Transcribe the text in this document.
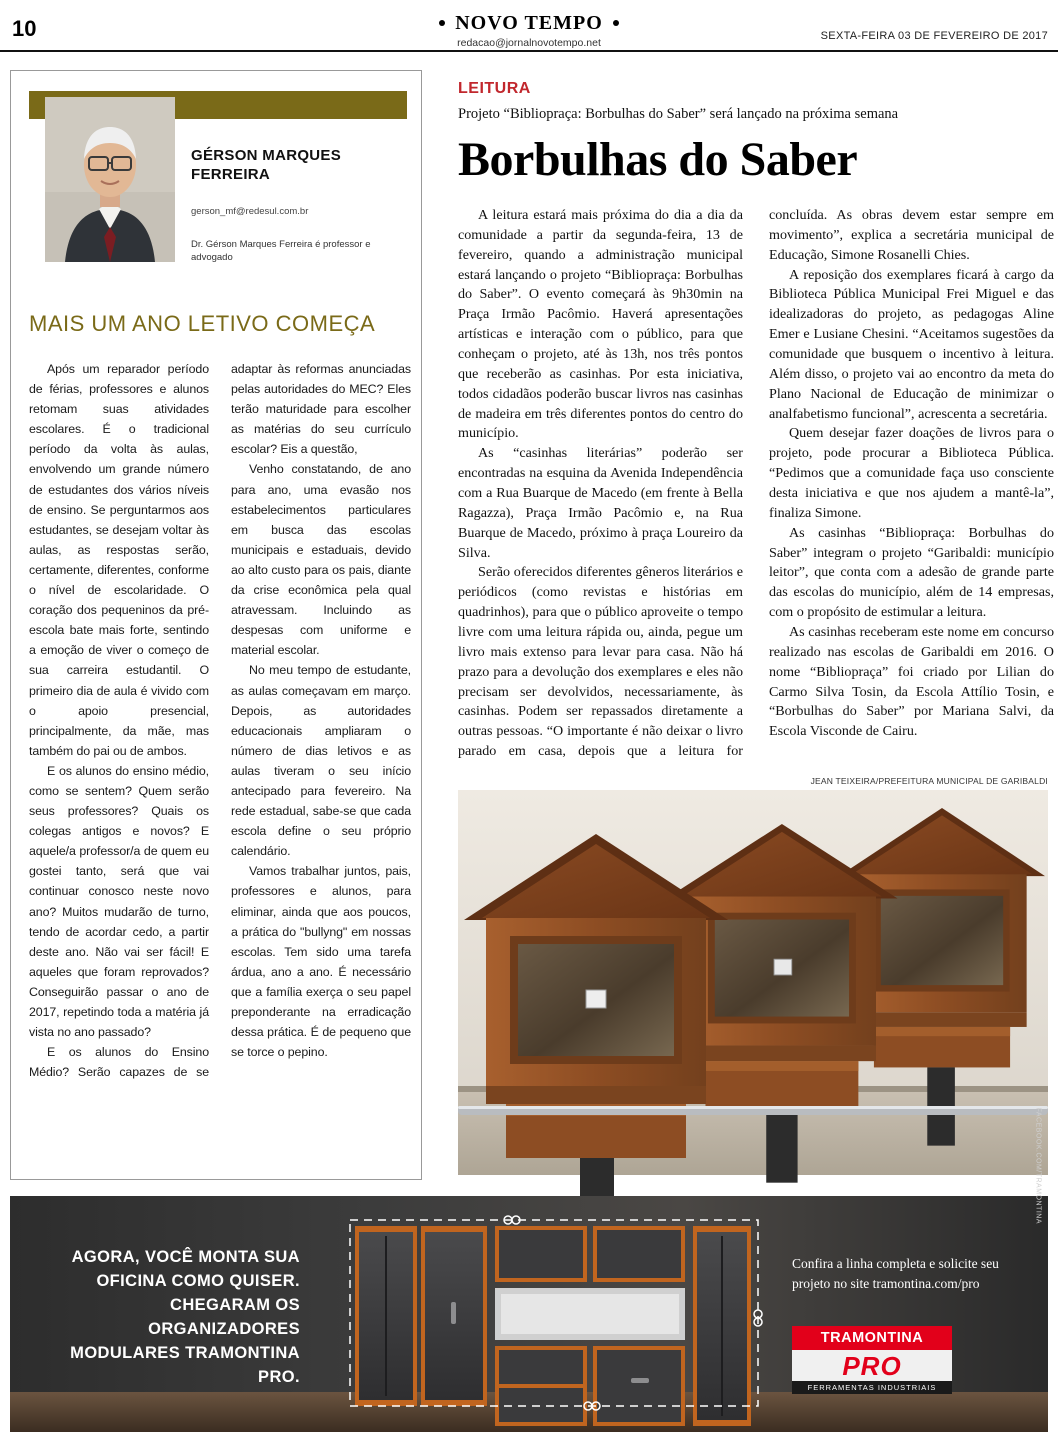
10	NOVO TEMPO
redacao@jornalnovotempo.net
SEXTA-FEIRA 03 DE FEVEREIRO DE 2017
GÉRSON MARQUES FERREIRA
gerson_mf@redesul.com.br
Dr. Gérson Marques Ferreira é professor e advogado
MAIS UM ANO LETIVO COMEÇA

Após um reparador período de férias, professores e alunos retomam suas atividades escolares. É o tradicional período da volta às aulas, envolvendo um grande número de estudantes dos vários níveis de ensino. Se perguntarmos aos estudantes, se desejam voltar às aulas, as respostas serão, certamente, diferentes, conforme o nível de escolaridade. O coração dos pequeninos da pré-escola bate mais forte, sentindo a emoção de viver o começo de sua carreira estudantil. O primeiro dia de aula é vivido com o apoio presencial, principalmente, da mãe, mas também do pai ou de ambos.

E os alunos do ensino médio, como se sentem? Quem serão seus professores? Quais os colegas antigos e novos? E aquele/a professor/a de quem eu gostei tanto, será que vai continuar conosco neste novo ano? Muitos mudarão de turno, tendo de acordar cedo, a partir deste ano. Não vai ser fácil! E aqueles que foram reprovados? Conseguirão passar o ano de 2017, repetindo toda a matéria já vista no ano passado?

E os alunos do Ensino Médio? Serão capazes de se adaptar às reformas anunciadas pelas autoridades do MEC? Eles terão maturidade para escolher as matérias do seu currículo escolar? Eis a questão,

Venho constatando, de ano para ano, uma evasão nos estabelecimentos particulares em busca das escolas municipais e estaduais, devido ao alto custo para os pais, diante da crise econômica pela qual atravessam. Incluindo as despesas com uniforme e material escolar.

No meu tempo de estudante, as aulas começavam em março. Depois, as autoridades educacionais ampliaram o número de dias letivos e as aulas tiveram o seu início antecipado para fevereiro. Na rede estadual, sabe-se que cada escola define o seu próprio calendário.

Vamos trabalhar juntos, pais, professores e alunos, para eliminar, ainda que aos poucos, a prática do "bullyng" em nossas escolas. Tem sido uma tarefa árdua, ano a ano. É necessário que a família exerça o seu papel preponderante na erradicação dessa prática. É de pequeno que se torce o pepino.

LEITURA
Projeto “Bibliopraça: Borbulhas do Saber” será lançado na próxima semana
Borbulhas do Saber

A leitura estará mais próxima do dia a dia da comunidade a partir da segunda-feira, 13 de fevereiro, quando a administração municipal estará lançando o projeto “Bibliopraça: Borbulhas do Saber”. O evento começará às 9h30min na Praça Irmão Pacômio. Haverá apresentações artísticas e interação com o público, para que conheçam o projeto, até às 13h, nos três pontos que receberão as casinhas. Por esta iniciativa, todos cidadãos poderão buscar livros nas casinhas de madeira em três diferentes pontos do centro do município.

As “casinhas literárias” poderão ser encontradas na esquina da Avenida Independência com a Rua Buarque de Macedo (em frente à Bella Ragazza), Praça Irmão Pacômio e, na Rua Buarque de Macedo, próximo à praça Loureiro da Silva.

Serão oferecidos diferentes gêneros literários e periódicos (como revistas e histórias em quadrinhos), para que o público aproveite o tempo livre com uma leitura rápida ou, ainda, pegue um livro mais extenso para levar para casa. Não há prazo para a devolução dos exemplares e eles não precisam ser devolvidos, necessariamente, às casinhas. Podem ser repassados diretamente a outras pessoas. “O importante é não deixar o livro parado em casa, depois que a leitura for concluída. As obras devem estar sempre em movimento”, explica a secretária municipal de Educação, Simone Rosanelli Chies.

A reposição dos exemplares ficará à cargo da Biblioteca Pública Municipal Frei Miguel e das idealizadoras do projeto, as pedagogas Aline Emer e Lusiane Chesini. “Aceitamos sugestões da comunidade que busquem o incentivo à leitura. Além disso, o projeto vai ao encontro da meta do Plano Nacional de Educação de minimizar o analfabetismo funcional”, acrescenta a secretária.

Quem desejar fazer doações de livros para o projeto, pode procurar a Biblioteca Pública. “Pedimos que a comunidade faça uso consciente desta iniciativa e que nos ajudem a mantê-la”, finaliza Simone.

As casinhas “Bibliopraça: Borbulhas do Saber” integram o projeto “Garibaldi: município leitor”, que conta com a adesão de grande parte das escolas do município, além de 14 empresas, com o propósito de estimular a leitura.

As casinhas receberam este nome em concurso realizado nas escolas de Garibaldi em 2016. O nome “Bibliopraça” foi criado por Lilian do Carmo Silva Tosin, da Escola Attílio Tosin, e “Borbulhas do Saber” por Mariana Salvi, da Escola Visconde de Cairu.

JEAN TEIXEIRA/PREFEITURA MUNICIPAL DE GARIBALDI
AGORA, VOCÊ MONTA SUA OFICINA COMO QUISER. CHEGARAM OS ORGANIZADORES MODULARES TRAMONTINA PRO.
Confira a linha completa e solicite seu projeto no site tramontina.com/pro
FACEBOOK.COM/TRAMONTINA
TRAMONTINA
PRO
FERRAMENTAS INDUSTRIAIS
